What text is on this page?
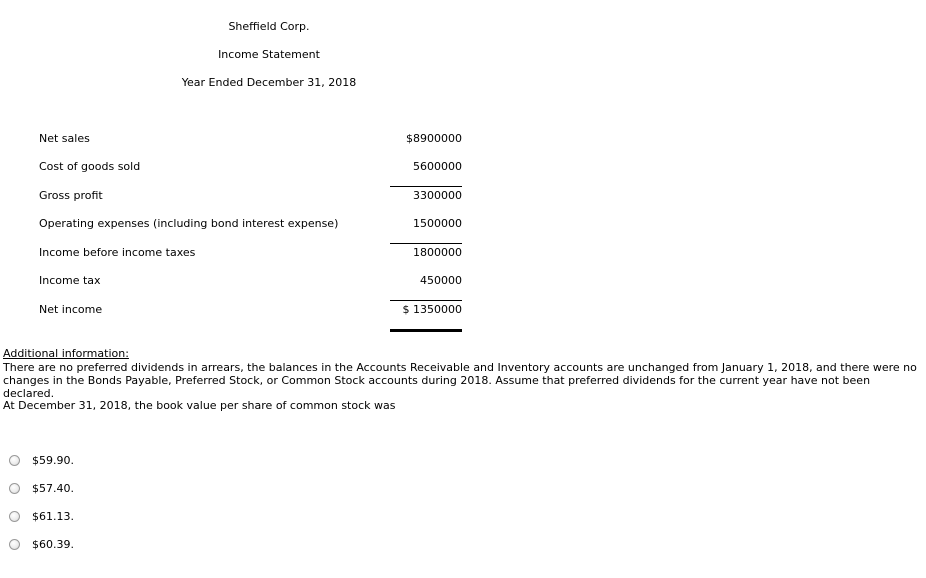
Sheffield Corp.
Income Statement
Year Ended December 31, 2018
Net sales	$8900000
Cost of goods sold	5600000
Gross profit	3300000
Operating expenses (including bond interest expense)	1500000
Income before income taxes	1800000
Income tax	450000
Net income	$ 1350000
Additional information:
There are no preferred dividends in arrears, the balances in the Accounts Receivable and Inventory accounts are unchanged from January 1, 2018, and there were no changes in the Bonds Payable, Preferred Stock, or Common Stock accounts during 2018. Assume that preferred dividends for the current year have not been declared.
At December 31, 2018, the book value per share of common stock was
$59.90.
$57.40.
$61.13.
$60.39.
